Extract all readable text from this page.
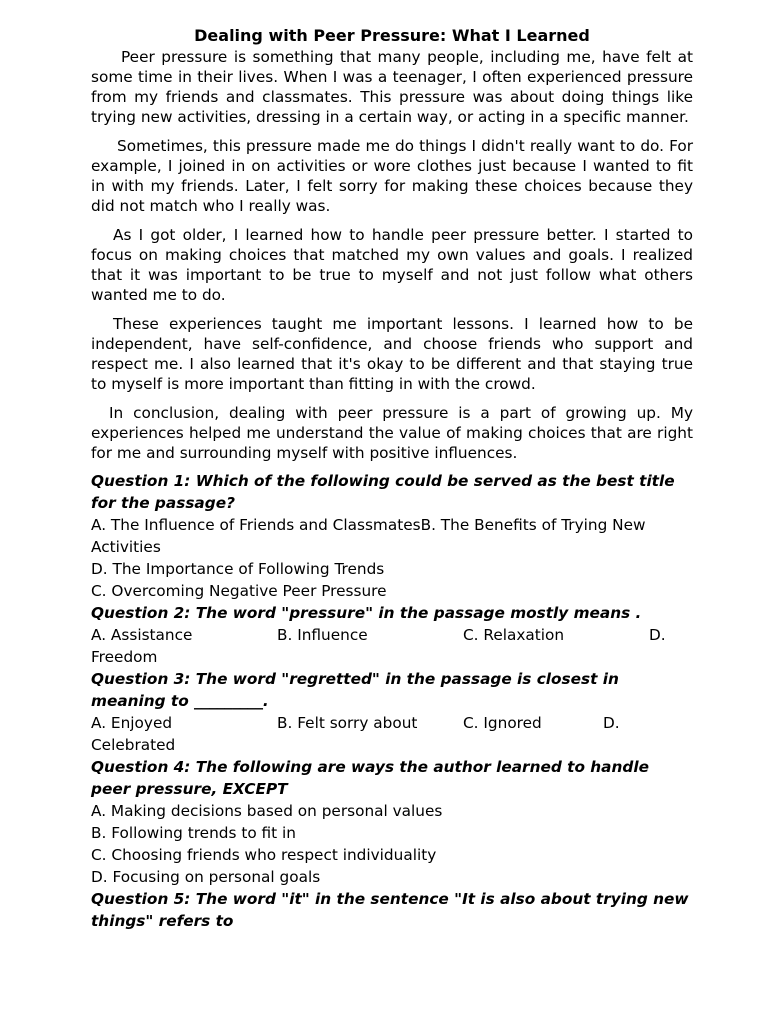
Dealing with Peer Pressure: What I Learned

Peer pressure is something that many people, including me, have felt at some time in their lives. When I was a teenager, I often experienced pressure from my friends and classmates. This pressure was about doing things like trying new activities, dressing in a certain way, or acting in a specific manner.

Sometimes, this pressure made me do things I didn't really want to do. For example, I joined in on activities or wore clothes just because I wanted to fit in with my friends. Later, I felt sorry for making these choices because they did not match who I really was.

As I got older, I learned how to handle peer pressure better. I started to focus on making choices that matched my own values and goals. I realized that it was important to be true to myself and not just follow what others wanted me to do.

These experiences taught me important lessons. I learned how to be independent, have self-confidence, and choose friends who support and respect me. I also learned that it's okay to be different and that staying true to myself is more important than fitting in with the crowd.

In conclusion, dealing with peer pressure is a part of growing up. My experiences helped me understand the value of making choices that are right for me and surrounding myself with positive influences.

Question 1: Which of the following could be served as the best title for the passage?

A. The Influence of Friends and ClassmatesB. The Benefits of Trying New Activities

D. The Importance of Following Trends

C. Overcoming Negative Peer Pressure

Question 2: The word "pressure" in the passage mostly means .

A. Assistance	B. Influence	C. Relaxation	D.

Freedom

Question 3: The word "regretted" in the passage is closest in meaning to _________.

A. Enjoyed	B. Felt sorry about	C. Ignored	D.

Celebrated

Question 4: The following are ways the author learned to handle peer pressure, EXCEPT

A. Making decisions based on personal values

B. Following trends to fit in

C. Choosing friends who respect individuality

D. Focusing on personal goals

Question 5: The word "it" in the sentence "It is also about trying new things" refers to
